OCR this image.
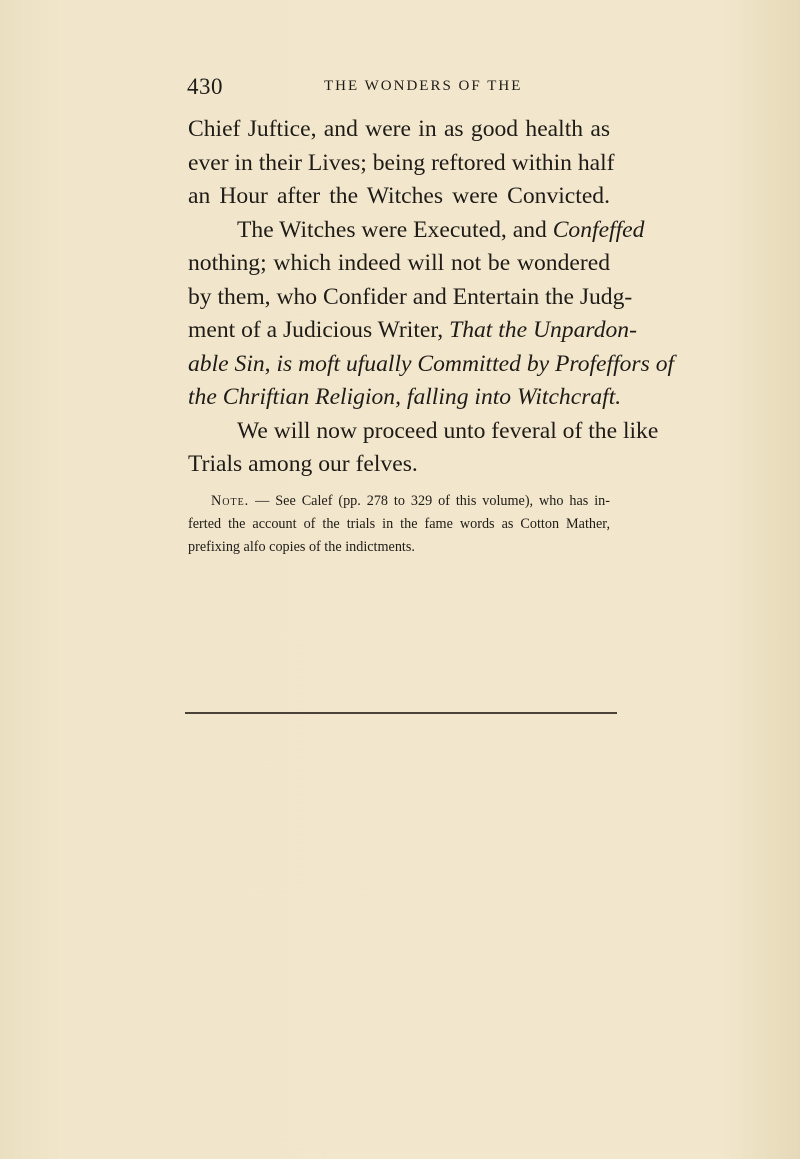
430	THE WONDERS OF THE
Chief Juftice, and were in as good health as
ever in their Lives; being reftored within half
an Hour after the Witches were Convicted.
The Witches were Executed, and Confeffed
nothing; which indeed will not be wondered
by them, who Confider and Entertain the Judg-
ment of a Judicious Writer, That the Unpardon-
able Sin, is moft ufually Committed by Profeffors of
the Chriftian Religion, falling into Witchcraft.
We will now proceed unto feveral of the like
Trials among our felves.
Note. — See Calef (pp. 278 to 329 of this volume), who has in-
ferted the account of the trials in the fame words as Cotton Mather,
prefixing alfo copies of the indictments.
